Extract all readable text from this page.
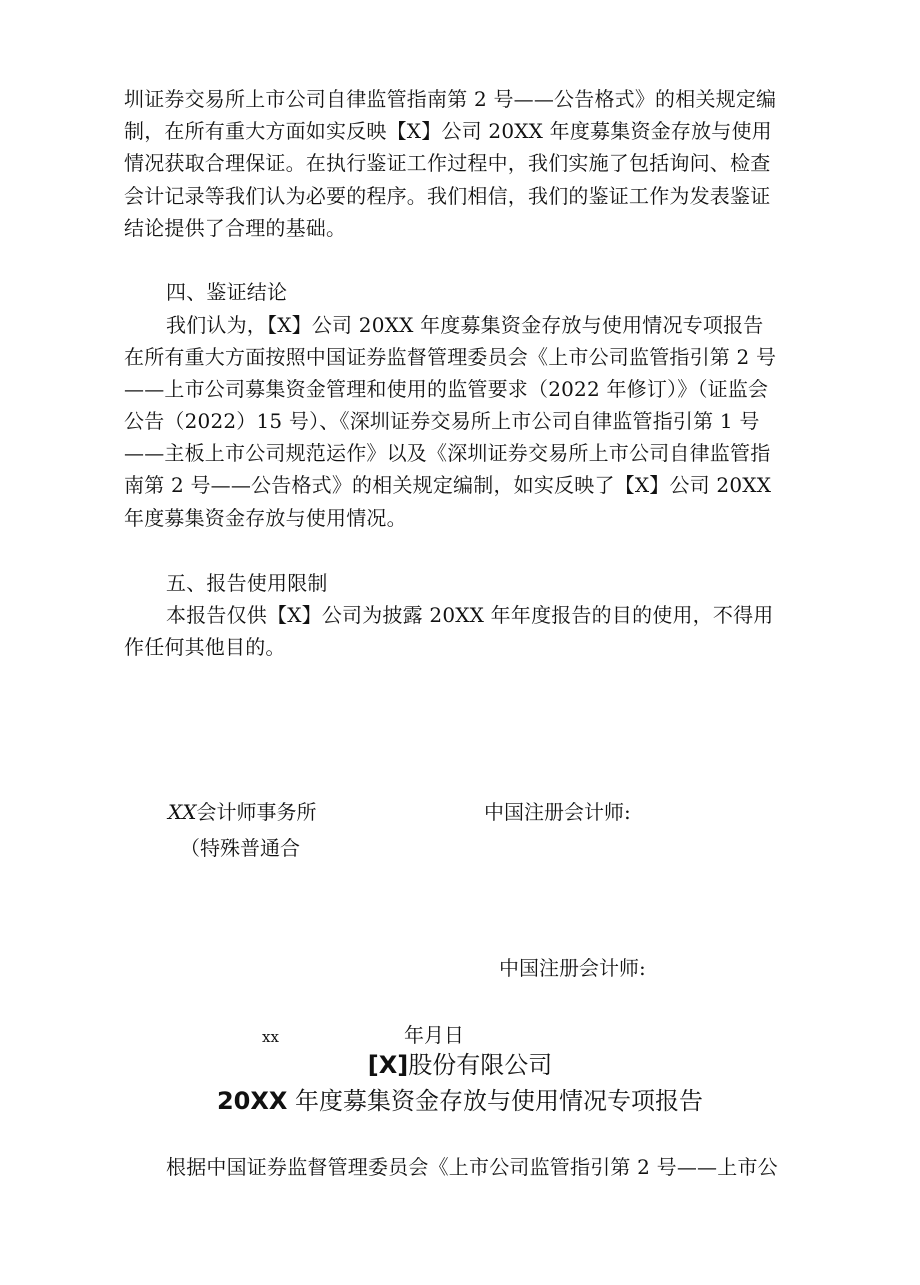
圳证券交易所上市公司自律监管指南第 2 号——公告格式》的相关规定编
制，在所有重大方面如实反映【X】公司 20XX 年度募集资金存放与使用
情况获取合理保证。在执行鉴证工作过程中，我们实施了包括询问、检查
会计记录等我们认为必要的程序。我们相信，我们的鉴证工作为发表鉴证
结论提供了合理的基础。
四、鉴证结论
我们认为，【X】公司 20XX 年度募集资金存放与使用情况专项报告
在所有重大方面按照中国证券监督管理委员会《上市公司监管指引第 2 号
——上市公司募集资金管理和使用的监管要求（2022 年修订）》（证监会
公告（2022）15 号）、《深圳证券交易所上市公司自律监管指引第 1 号
——主板上市公司规范运作》以及《深圳证券交易所上市公司自律监管指
南第 2 号——公告格式》的相关规定编制，如实反映了【X】公司 20XX
年度募集资金存放与使用情况。
五、报告使用限制
本报告仅供【X】公司为披露 20XX 年年度报告的目的使用，不得用
作任何其他目的。
XX会计师事务所	中国注册会计师:
（特殊普通合
中国注册会计师:
xx	年月日
[X]股份有限公司
20XX 年度募集资金存放与使用情况专项报告
根据中国证券监督管理委员会《上市公司监管指引第 2 号——上市公
